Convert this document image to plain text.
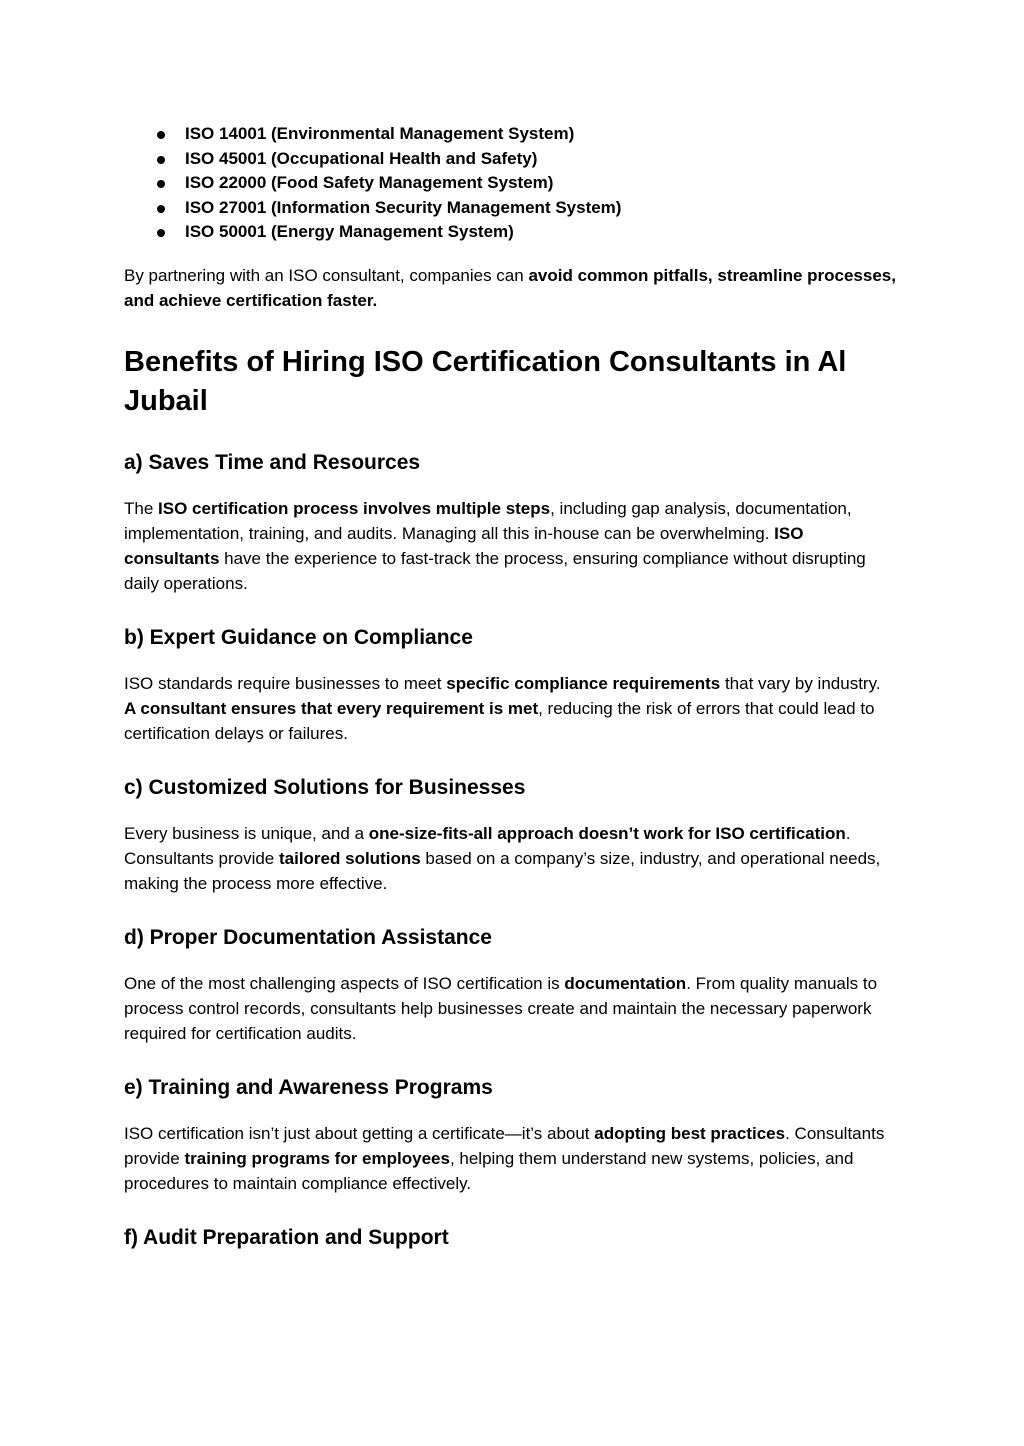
ISO 14001 (Environmental Management System)
ISO 45001 (Occupational Health and Safety)
ISO 22000 (Food Safety Management System)
ISO 27001 (Information Security Management System)
ISO 50001 (Energy Management System)

By partnering with an ISO consultant, companies can avoid common pitfalls, streamline processes, and achieve certification faster.

Benefits of Hiring ISO Certification Consultants in Al Jubail
a) Saves Time and Resources

The ISO certification process involves multiple steps, including gap analysis, documentation, implementation, training, and audits. Managing all this in-house can be overwhelming. ISO consultants have the experience to fast-track the process, ensuring compliance without disrupting daily operations.

b) Expert Guidance on Compliance

ISO standards require businesses to meet specific compliance requirements that vary by industry. A consultant ensures that every requirement is met, reducing the risk of errors that could lead to certification delays or failures.

c) Customized Solutions for Businesses

Every business is unique, and a one-size-fits-all approach doesn’t work for ISO certification. Consultants provide tailored solutions based on a company’s size, industry, and operational needs, making the process more effective.

d) Proper Documentation Assistance

One of the most challenging aspects of ISO certification is documentation. From quality manuals to process control records, consultants help businesses create and maintain the necessary paperwork required for certification audits.

e) Training and Awareness Programs

ISO certification isn’t just about getting a certificate—it’s about adopting best practices. Consultants provide training programs for employees, helping them understand new systems, policies, and procedures to maintain compliance effectively.

f) Audit Preparation and Support
